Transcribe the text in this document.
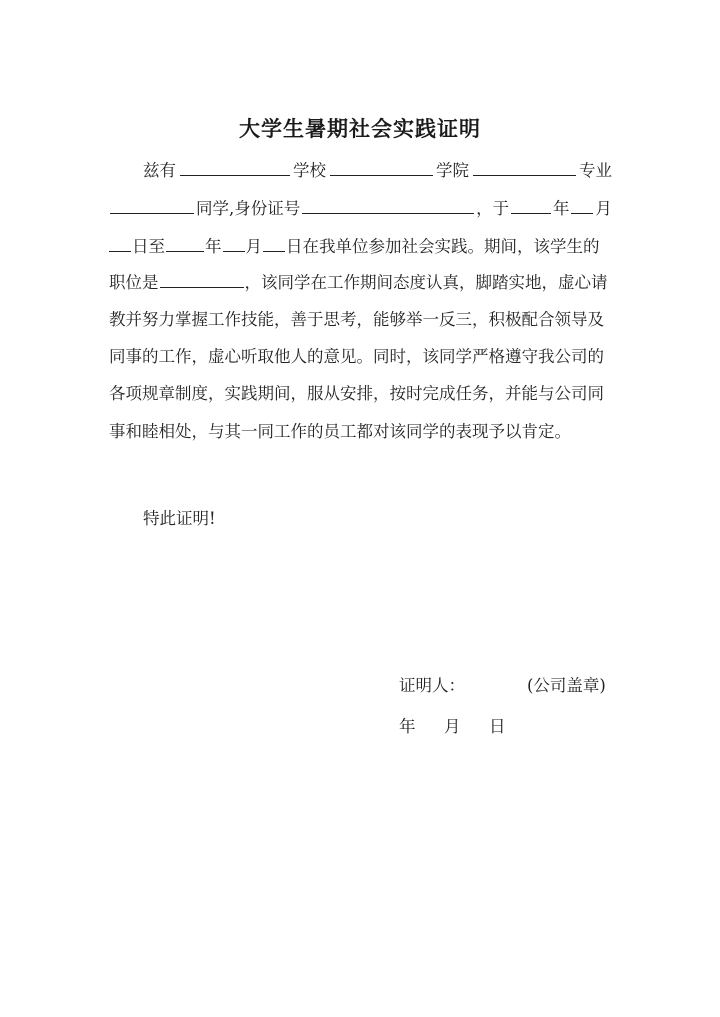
大学生暑期社会实践证明
兹有	学校	学院	专业
同学,身份证号	，于	年 月
日至 年 月 日在我单位参加社会实践。期间，该学生的
职位是	，该同学在工作期间态度认真，脚踏实地，虚心请
教并努力掌握工作技能，善于思考，能够举一反三，积极配合领导及
同事的工作，虚心听取他人的意见。同时，该同学严格遵守我公司的
各项规章制度，实践期间，服从安排，按时完成任务，并能与公司同
事和睦相处，与其一同工作的员工都对该同学的表现予以肯定。
特此证明!
证明人：	(公司盖章)
年 月 日
